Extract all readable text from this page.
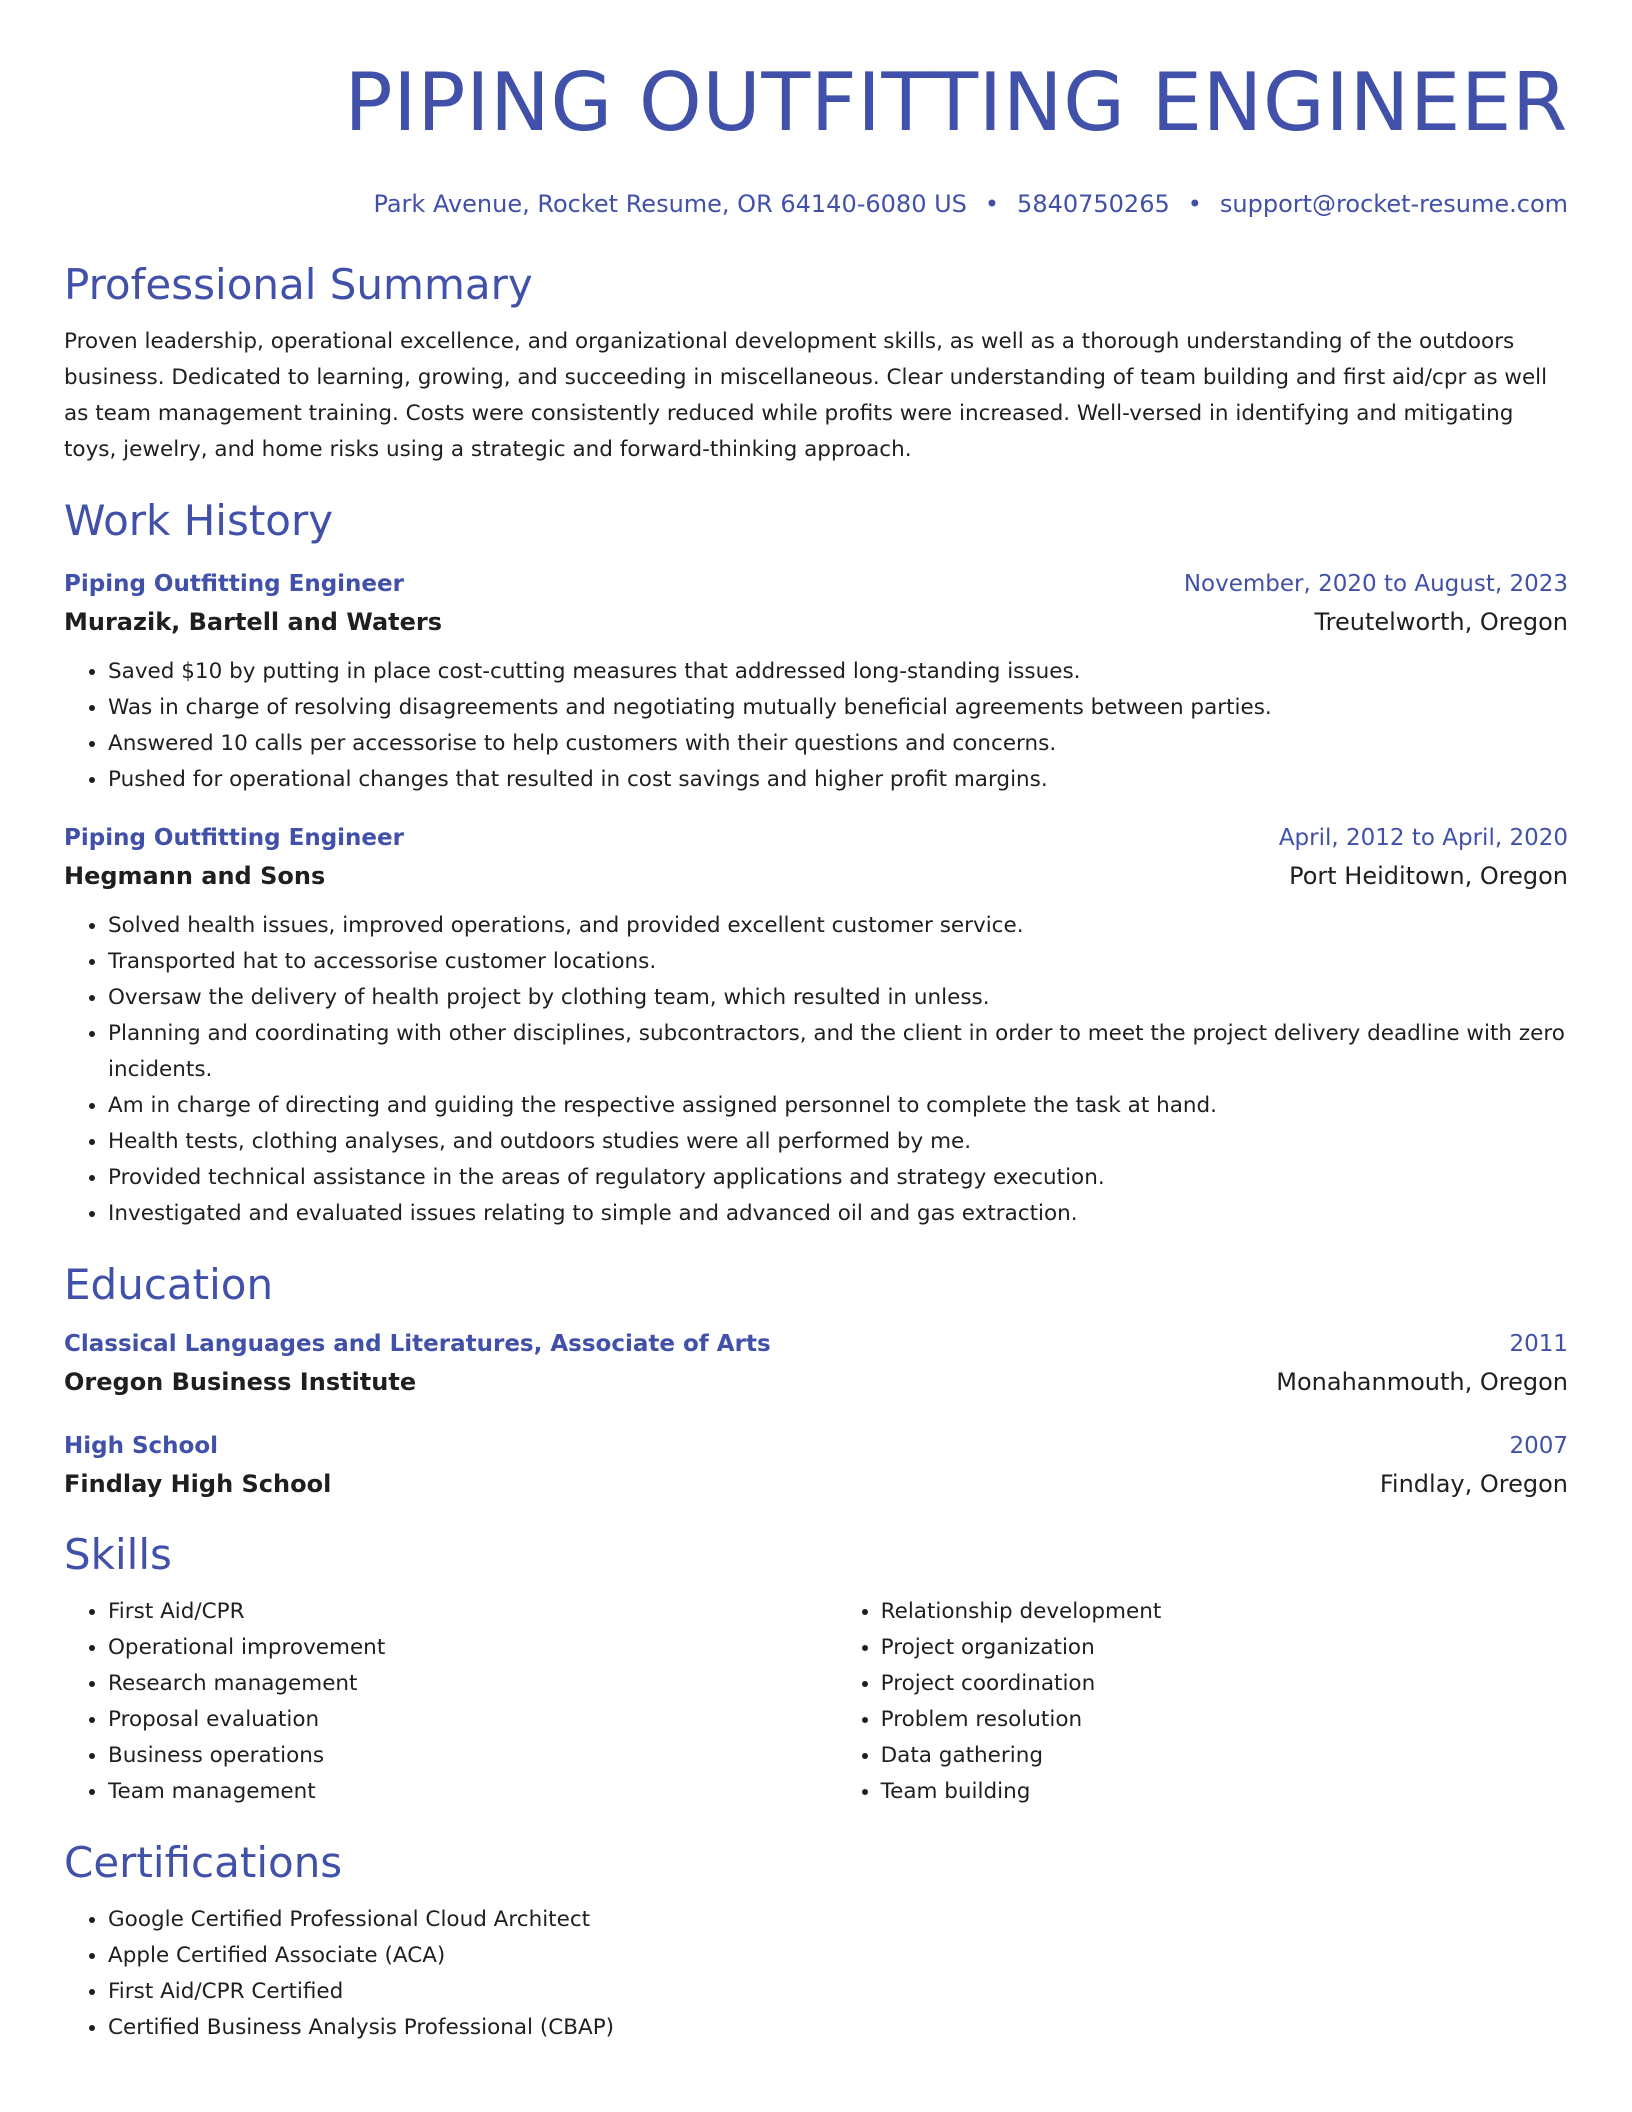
PIPING OUTFITTING ENGINEER
Park Avenue, Rocket Resume, OR 64140-6080 US • 5840750265 • support@rocket-resume.com
Professional Summary

Proven leadership, operational excellence, and organizational development skills, as well as a thorough understanding of the outdoors business. Dedicated to learning, growing, and succeeding in miscellaneous. Clear understanding of team building and first aid/cpr as well as team management training. Costs were consistently reduced while profits were increased. Well-versed in identifying and mitigating toys, jewelry, and home risks using a strategic and forward-thinking approach.

Work History
Piping Outfitting Engineer	November, 2020 to August, 2023
Murazik, Bartell and Waters	Treutelworth, Oregon
• Saved $10 by putting in place cost-cutting measures that addressed long-standing issues.
• Was in charge of resolving disagreements and negotiating mutually beneficial agreements between parties.
• Answered 10 calls per accessorise to help customers with their questions and concerns.
• Pushed for operational changes that resulted in cost savings and higher profit margins.
Piping Outfitting Engineer	April, 2012 to April, 2020
Hegmann and Sons	Port Heiditown, Oregon
• Solved health issues, improved operations, and provided excellent customer service.
• Transported hat to accessorise customer locations.
• Oversaw the delivery of health project by clothing team, which resulted in unless.
• Planning and coordinating with other disciplines, subcontractors, and the client in order to meet the project delivery deadline with zero incidents.
• Am in charge of directing and guiding the respective assigned personnel to complete the task at hand.
• Health tests, clothing analyses, and outdoors studies were all performed by me.
• Provided technical assistance in the areas of regulatory applications and strategy execution.
• Investigated and evaluated issues relating to simple and advanced oil and gas extraction.
Education
Classical Languages and Literatures, Associate of Arts	2011
Oregon Business Institute	Monahanmouth, Oregon
High School	2007
Findlay High School	Findlay, Oregon
Skills
• First Aid/CPR
• Operational improvement
• Research management
• Proposal evaluation
• Business operations
• Team management
• Relationship development
• Project organization
• Project coordination
• Problem resolution
• Data gathering
• Team building
Certifications
• Google Certified Professional Cloud Architect
• Apple Certified Associate (ACA)
• First Aid/CPR Certified
• Certified Business Analysis Professional (CBAP)
